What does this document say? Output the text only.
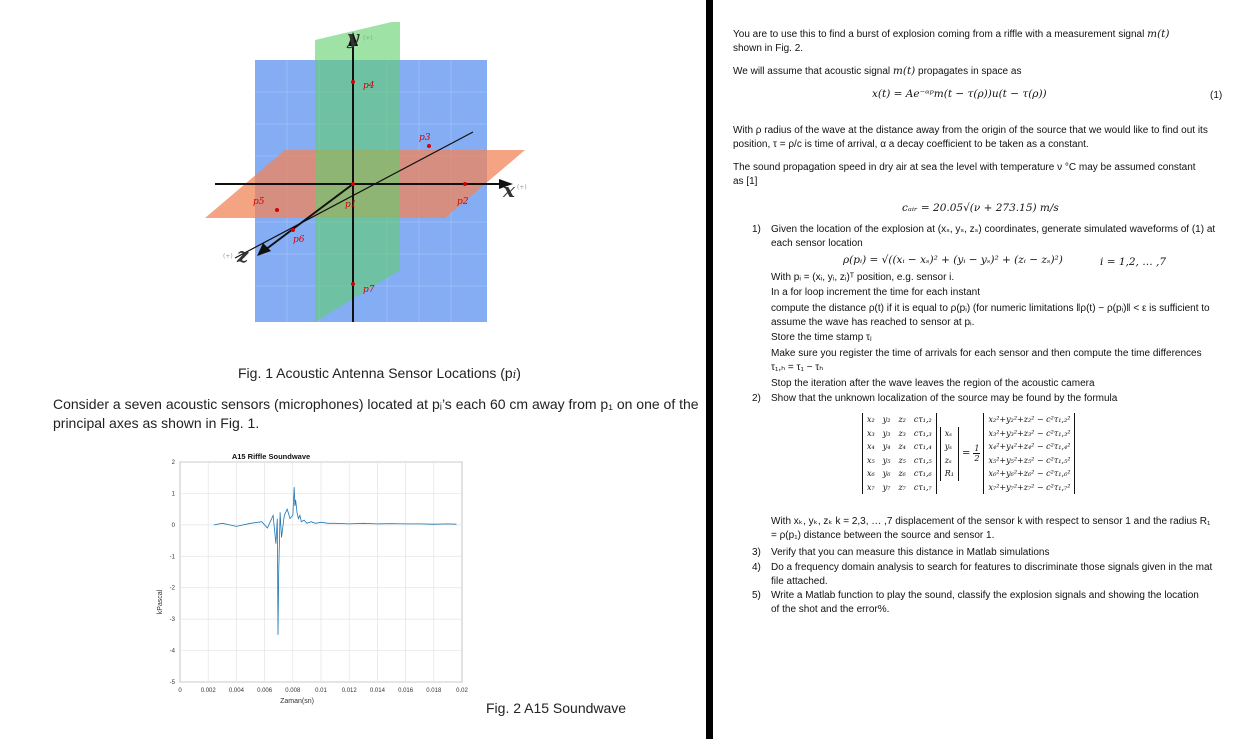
y (+)
x (+)
z
(+)
p1	p2
p3
p4
p5
p6
p7
Fig. 1 Acoustic Antenna Sensor Locations (pi)
Consider a seven acoustic sensors (microphones) located at pᵢ’s each 60 cm away from p₁ on one of the principal axes as shown in Fig. 1.
0	0.002 0.004 0.006 0.008 0.01 0.012 0.014 0.016 0.018 0.02
2
1
0
-1
-2
-3
-4
-5
A15 Riffle Soundwave
Zaman(sn)
kPascal
Fig. 2 A15 Soundwave
You are to use this to find a burst of explosion coming from a riffle with a measurement signal m(t)
shown in Fig. 2.
We will assume that acoustic signal m(t) propagates in space as
x(t) = Ae⁻ᵅᵖm(t − τ(ρ))u(t − τ(ρ))	(1)
With ρ radius of the wave at the distance away from the origin of the source that we would like to find out its position, τ = ρ/c is time of arrival, α a decay coefficient to be taken as a constant.
The sound propagation speed in dry air at sea the level with temperature ν °C may be assumed constant as [1]
cₐᵢᵣ = 20.05√(ν + 273.15) m/s
1) Given the location of the explosion at (xₛ, yₛ, zₛ) coordinates, generate simulated waveforms of (1) at each sensor location
ρ(pᵢ) = √((xᵢ − xₛ)² + (yᵢ − yₛ)² + (zᵢ − zₛ)²)	i = 1,2, … ,7
With pᵢ = (xᵢ, yᵢ, zᵢ)ᵀ position, e.g. sensor i.
In a for loop increment the time for each instant
compute the distance ρ(t) if it is equal to ρ(pᵢ) (for numeric limitations ‖ρ(t) − ρ(pᵢ)‖ < ε is sufficient to assume the wave has reached to sensor at pᵢ.
Store the time stamp τⱼ
Make sure you register the time of arrivals for each sensor and then compute the time differences τ₁,ₕ = τ₁ − τₕ
Stop the iteration after the wave leaves the region of the acoustic camera
2) Show that the unknown localization of the source may be found by the formula
x₂	y₂	z₂	cτ₁,₂
x₃	y₃	z₃	cτ₁,₃
x₄	y₄	z₄	cτ₁,₄
x₅	y₅	z₅	cτ₁,₅
x₆	y₆	z₆	cτ₁,₆
x₇	y₇	z₇	cτ₁,₇
xₛ
yₛ
zₛ
R₁
= $\frac{1}{2}$
x₂²+y₂²+z₂² − c²τ₁,₂²
x₃²+y₃²+z₃² − c²τ₁,₃²
x₄²+y₄²+z₄² − c²τ₁,₄²
x₅²+y₅²+z₅² − c²τ₁,₅²
x₆²+y₆²+z₆² − c²τ₁,₆²
x₇²+y₇²+z₇² − c²τ₁,₇²
With xₖ, yₖ, zₖ k = 2,3, … ,7 displacement of the sensor k with respect to sensor 1 and the radius R₁ = ρ(p₁) distance between the source and sensor 1.
3) Verify that you can measure this distance in Matlab simulations
4) Do a frequency domain analysis to search for features to discriminate those signals given in the mat file attached.
5) Write a Matlab function to play the sound, classify the explosion signals and showing the location of the shot and the error%.
